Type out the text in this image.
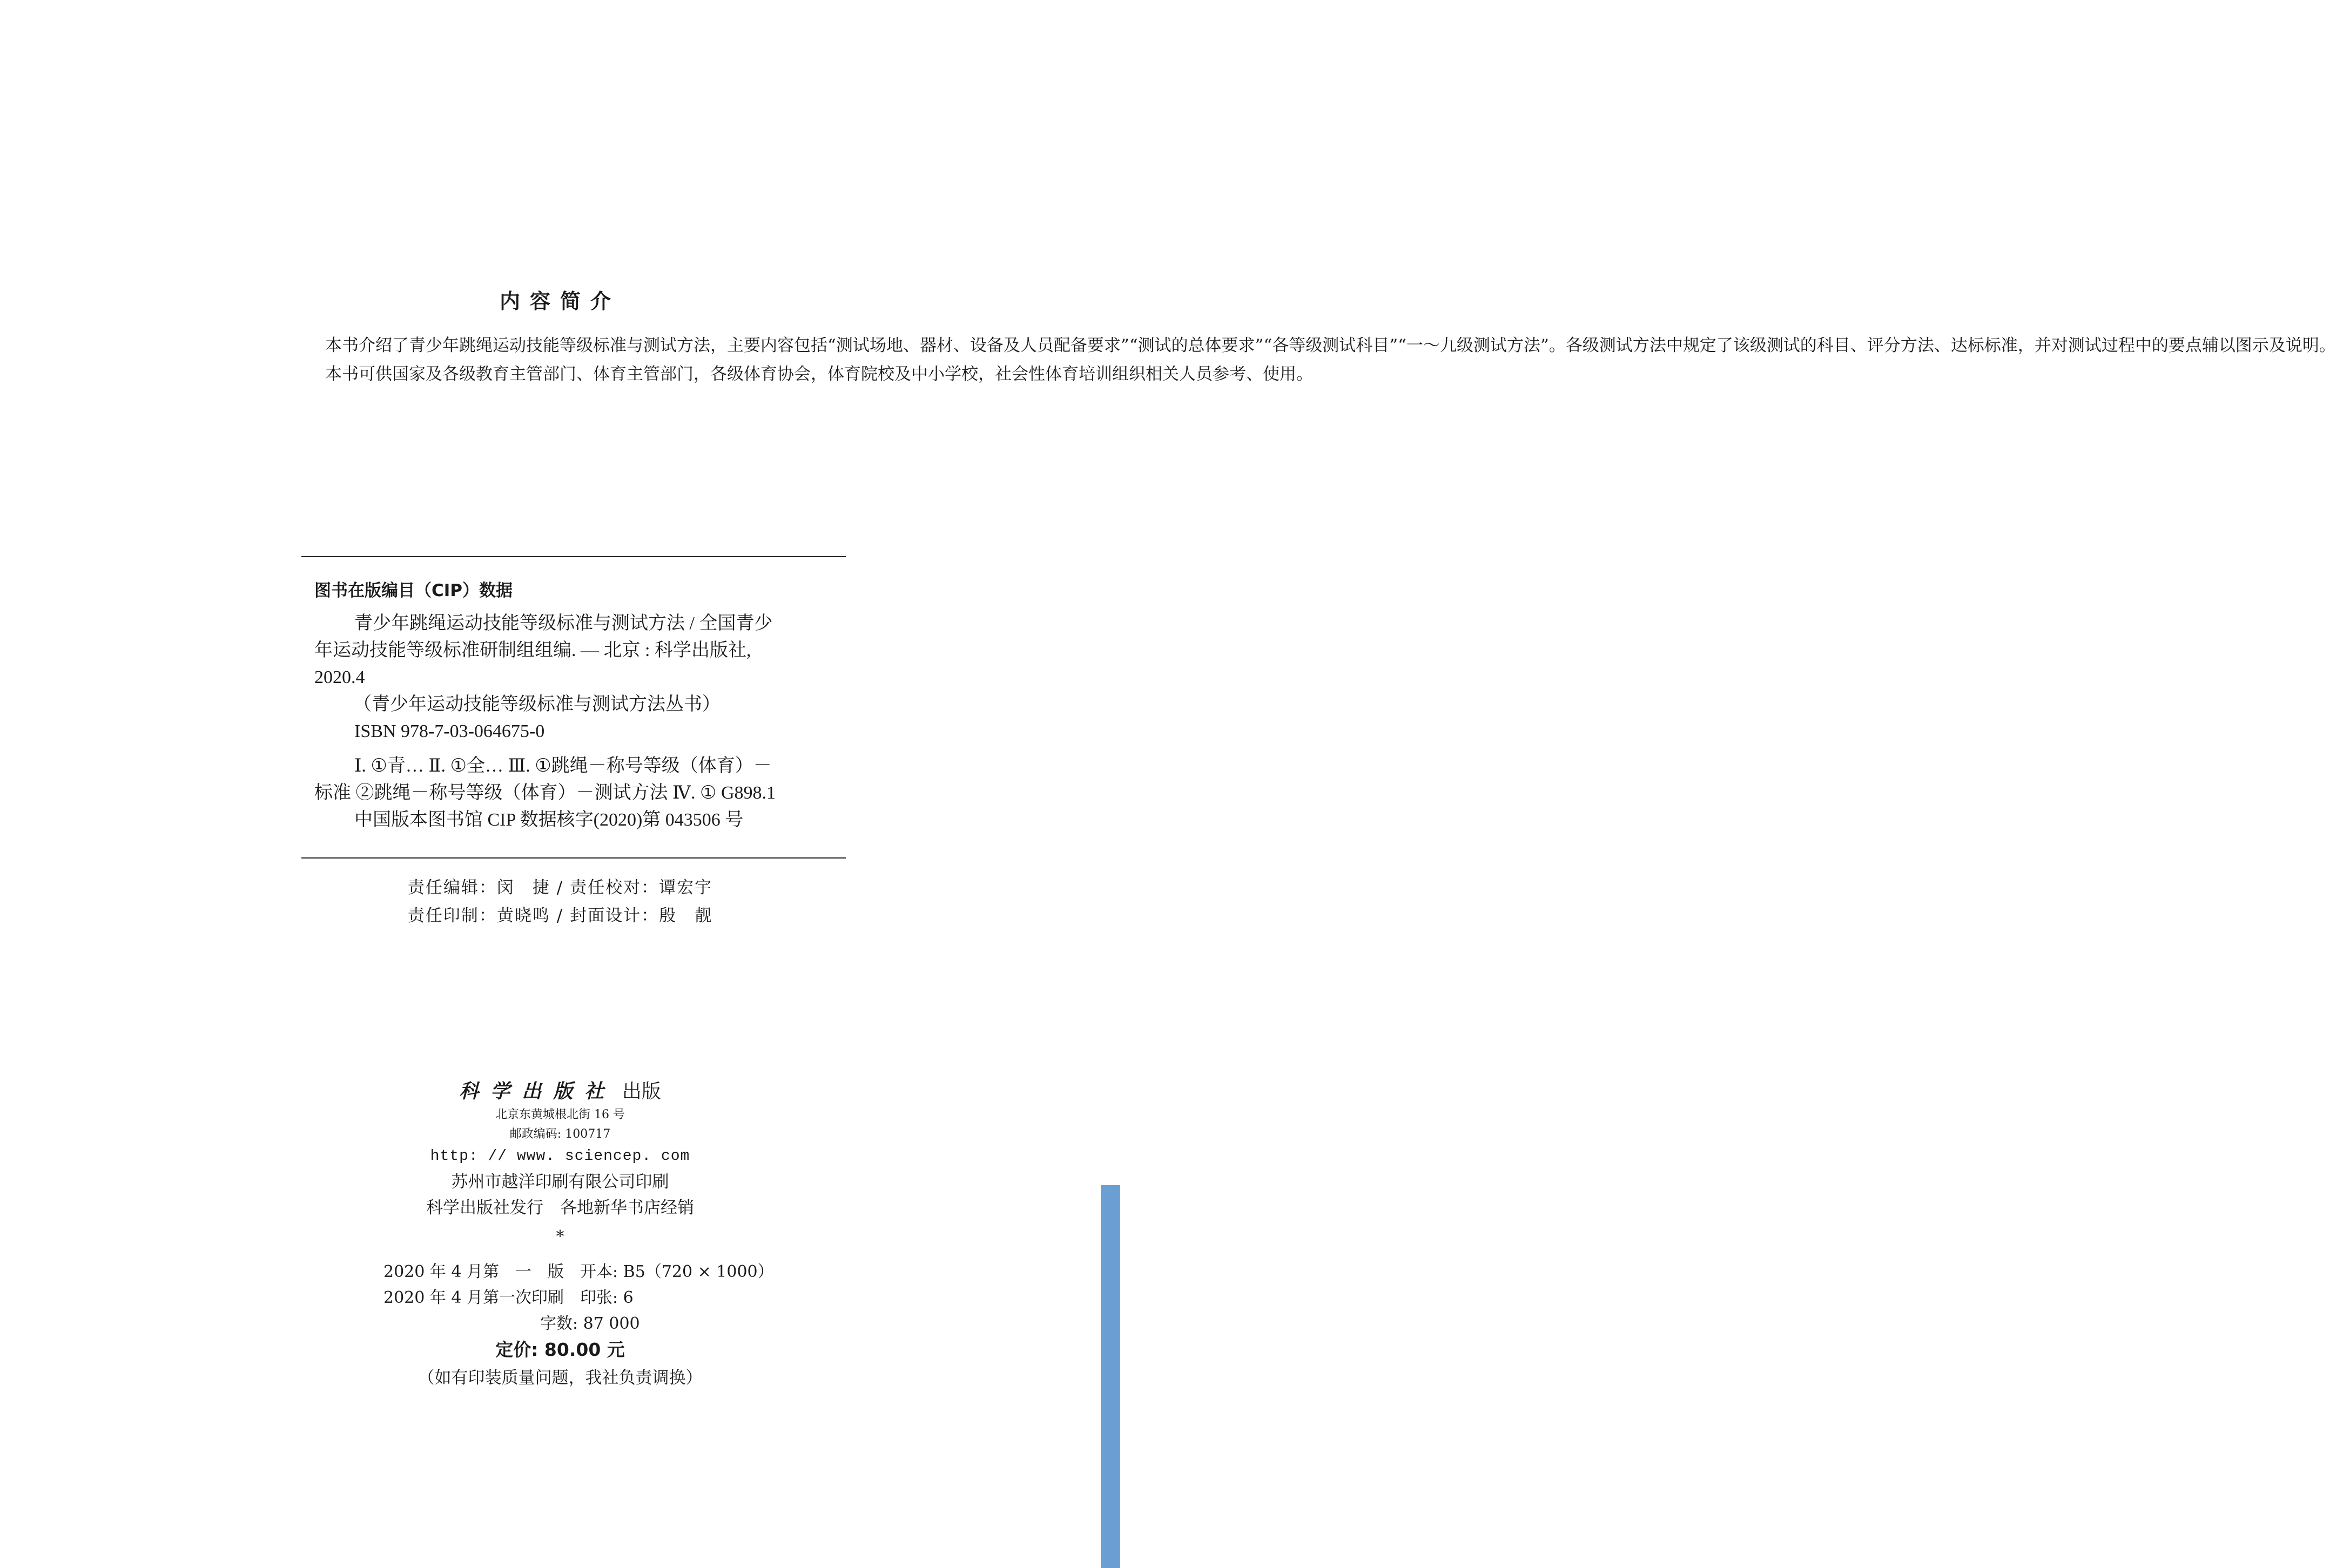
内容简介

本书介绍了青少年跳绳运动技能等级标准与测试方法，主要内容包括“测试场地、器材、设备及人员配备要求”“测试的总体要求”“各等级测试科目”“一～九级测试方法”。各级测试方法中规定了该级测试的科目、评分方法、达标标准，并对测试过程中的要点辅以图示及说明。

本书可供国家及各级教育主管部门、体育主管部门，各级体育协会，体育院校及中小学校，社会性体育培训组织相关人员参考、使用。

图书在版编目（CIP）数据
青少年跳绳运动技能等级标准与测试方法 / 全国青少
年运动技能等级标准研制组组编. — 北京 : 科学出版社,
2020.4
（青少年运动技能等级标准与测试方法丛书）
ISBN 978-7-03-064675-0
Ⅰ. ①青… Ⅱ. ①全… Ⅲ. ①跳绳－称号等级（体育）－
标准 ②跳绳－称号等级（体育）－测试方法 Ⅳ. ① G898.1
中国版本图书馆 CIP 数据核字(2020)第 043506 号
责任编辑：闵　捷 / 责任校对：谭宏宇
责任印制：黄晓鸣 / 封面设计：殷　靓
科学出版社 出版
北京东黄城根北街 16 号
邮政编码: 100717
http: // www. sciencep. com
苏州市越洋印刷有限公司印刷
科学出版社发行　各地新华书店经销
*
2020 年 4 月第　一　版　开本: B5（720 × 1000）
2020 年 4 月第一次印刷　印张: 6
字数: 87 000
定价: 80.00 元
（如有印装质量问题，我社负责调换）
